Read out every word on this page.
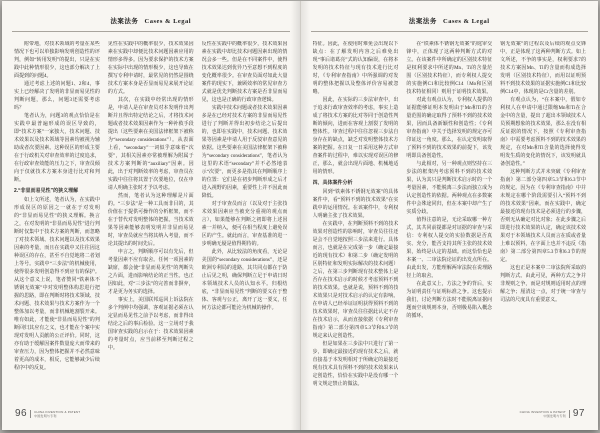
法案法务 Cases & Legal
附带地，对技术领域的考量在某些情况下也可以单独影响发明创造性的评判，例如“转用发明”的提出，只是在实践中此种情形很少，这也部分解决了上面提到的问题4。
通过考虑上述的问题1、2和4，事实上已经解决了发明的非显而易见性的判断问题，那么，问题3还需要考虑吗？
笔者认为，问题3的观点恰恰是在实践中最普遍形成的误区导致的，即“技术方案”一家独大，技术问题、技术效果以及技术领域等因素均被视为辅助或者次要因素。这种误区的形成主要在于行政机关对审查效率的过度追求，在行政审查效能的压力之下，审查员倾向于仅就技术方案本身进行比对和判断。
2.“非显而易见性”的狭义理解
如上文所述，笔者认为，在实践中形成误区的原因之一就在于对发明的“非显而易见性”的狭义理解。换言之，在对发明的“非显而易见性”进行判断时仅集中于技术方案的判断，而忽略了对技术领域、技术问题以及技术效果因素的考量，而且在实践中又往往因这种误区的存在，甚至不自觉地将二者划上等号。实践中“三步法”的机械使用，使得很多发明创造得不到应有的保护。从这个意义上说，笔者赞同“铁素体不锈钢无效案”中对发明整体构思进行把握的思路，即在判断时将技术领域、技术问题、技术效果与技术方案作为一个整体加以考量，而非机械地割裂开来。唯有如此，才能使“非显而易见性”的判断回归其应有之义，也才能在个案中实现对发明人贡献的公正评价。同时，这亦有助于缓解因案件数量庞大而带来的审查压力，因为整体把握并不必然意味着更高的成本，相反，它能够减少后续程序中的反复。
见性在实践中的概率很少，技术效果因素在实践中却便比技术问题因素应用的情形多得多。因为要求保护的技术方案在实际中出现的情形极少，这也导致在撰写专利申请时，最常见的仍然是围绕技术方案本身是否显而易见来展开论证的方式。
其次，在实践中经常出现的情形是，申请人是在审查员对本发明作出判断并且得出特定结论之后，才将技术问题或者技术效果因素作为一种补救手段提出（这些要素在美国法律框架下被称为“secondary considerations”）。从表面上看，“secondary”一词似乎意味着“次要”，其相关因素亦常被理解为附属于技术方案判断的“auxiliary”因素。因此，出于对判断效率的考虑，审查员在实践中往往将其置于次要地位，仅在申请人明确主张时才予以考虑。
然而，笔者认为这种理解是片面的。“三步法”是一种工具而非目的，其价值在于提供可操作的分析框架，而不在于替代对发明整体的把握。当技术效果等因素能够表明发明并非显而易见时，审查员就应当将其纳入考量，而不论其提出的时间先后。
申言之，判断顺序可以有先后，但考量因素不应有取舍。任何一项因素的缺席，都会使“非显而易见性”的判断失之片面，进而影响结论的正当性。也正因如此，对“三步法”的完善而非摒弃，才是更为务实的选择。
事实上，美国联邦巡回上诉法院在多个判例中均强调，客观证据必须在认定显而易见性之前予以考虑，而非得出结论之后的事后检验。这一立场对于我国审查实践的启示在于：技术效果因素的考量时点，应当前移至判断过程之中。
反性在实践中的概率很少，技术效果因素在实践中却比技术问题因素出现的情况会多一些。但是在不同案件中，使得技术效果达到优异乃至意想不到程度的变化概率很少。在审查员面对如此大量案件的现实下，兼顾效率的常见审查方式就是优先判断技术方案是否非显而易见，这也是正确的行政审查逻辑。
实践中技术问题或者技术效果因素多是在已经对技术方案的非显而易见性进行了判断并得出初步结论之后提出的，也即在实践中，技术问题、技术效果等因素是申请人用于反驳审查意见的依据。这些要素在美国法律框架下被称为“secondary considerations”，笔者认为这里的术语“secondary”并不必然地表示“次要”，而更多是指其在判断顺序上的位置：它们是在初步判断形成之后才进入视野的因素，重要性上并不因此而降低。
对于审查员而言（以及对于主张技术效果因素应当被充分重视的观点而言），如果能够在判断之初即将上述因素一并纳入，便可在相当程度上避免误区的产生。就此而言，审查基准的进一步明确无疑是值得期待的。
此外，从比较法的角度看，无论是美国的“secondary considerations”，还是欧洲专利局的进路，其共同点都在于防止后见之明，确保判断立足于申请日时本领域技术人员的认知水平。归根结底，“非显而易见性”判断的要义在于整体、客观与公正，离开了这一要义，任何方法论都可能沦为机械的操作。
96 CHINA INVENTION & PATENT
中国发明与专利
法案法务 Cases & Legal
特征。因此，在使用时难免会出现以下缺点：在了解发明内容之后难免出现“事后诸葛亮”式的认知偏误，在将本发明的技术特征与现有技术进行比对时，《专利审查指南》中所强调的对发明的整体把握以及整体评价容易被忽略。
因此，在实际的三步法审查中，出于追求行政审查效率的考虑，事实上造成了将技术方案的比对等同于创造性判断的倾向，进而在客观上割裂了发明的整体性。审查过程中往往忽视三步法自身存在的缺点，缺乏对发明整体技术方案的把握。在日复一日采用这种方式审查案件的过程中，难以实现对误区的修正，那么，就会出现片面地、机械地适用的情形。
四、具体案件分析
回到“铁素体不锈钢无效案”的具体案件中，看“预料不到的技术效果”在实践中的运用情况。在该案件中，专利权人明确主张了技术效果。
在实践中，在判断预料不到的技术效果对创造性的影响时，审查员往往还是会不自觉地按照三步法来进行。具体而言，也就是在完成第一步（确定最接近的现有技术）和第二步（确定发明的区别特征和发明实际解决的技术问题）之后，在第三步判断现有技术整体上是否存在技术启示的时候才考虑预料不到的技术效果。也就是说，预料不到的技术效果只是对技术启示的认定有影响。在申请人已经举证证明获得预料不到的技术效果时，审查员往往据此认定不存在技术启示，从而直接依据《专利审查指南》第二部分第四章5.3节和6.3节的规定来认定创造性。
但是如果在三步法中只进行了第一步，即确定最接近的现有技术之后，就直接基于本发明相对于所确定的最接近现有技术具有预料不到的技术效果来认定创造性，恰恰在实践中是没有哪一个明文规定禁止的做法。
在“铁素体不锈钢无效案”的庭审交锋中，正体现了这两种判断方式的对立。在该案件中所确定的区别技术特征是权利要求中所述的Mn、Ti的含量范围（区别技术特征），而专利权人提交的实施例C1和比较例C14（Mo和区别技术特征相同）则用于证明技术效果。
对此有观点认为，专利权人提供的证据能够证明本发明由于Mn和Ti的含量范围的确定取得了预料不到的技术效果，因而具备新颖性和创造性；《专利审查指南》中关于选择发明的规定亦可印证这一角度。那么，在认定发明取得了预料不到的技术效果的前提下，该发明即具备创造性。
与此相对，另一种观点则坚持在三步法的框架内考虑预料不到的技术效果，认为其只是判断技术启示时的一个考量因素，不能脱离三步法而独立成为认定创造性的依据。两种观点在多数案件中会殊途同归，但在本案中却产生了实质分歧。
值得注意的是，无论采取哪一种方式，其共同前提都是对证据的审查与采信：专利权人提交的实验数据是否真实、充分，能否支持其所主张的技术效果，始终是认定的基础。而这恰恰也是本案一、二审法院论证的出发点所在。由此出发，方能理解两审法院在说理路径上的取舍。
在此意义上，方法之争的背后，实为证明责任与证明标准之争。这也提示我们，讨论判断方法时不能脱离证据问题而空谈规则本身，否则极易陷入概念的循环。
钢无效案”的过程以及后续的观点交锋中，正是体现了这两种判断方式。如上文所述，不争的事实是，权利要求7的技术方案因Mn、Ti的含量而构成选择发明（区别技术特征），而用以证明预料不到技术效果的证据实施例C1和比较例C14中，体现的是Cr含量的差别。
有观点认为，“在本案中，假如专利权人在申请中通过限缩Mn和Ti在合金中的含量，提出了超出本领域技术人员预期想象的技术效果，那么在没有相反证据的情况下，按照《专利审查指南》中需要考虑预料不到的技术效果的规定，在对Mn和Ti含量的选择使得发明发生质的变化的情况下，该发明就具备创造性。”
这种判断方式并未突破《专利审查指南》第二部分第四章5.3节和6.3节中的规定。因为在《专利审查指南》中并未规定在哪个阶段需要引入“预料不到的技术效果”因素。而在实践中，确定最接近的现有技术是必须进行的步骤，否则无从确定对比对象；在此步骤之后即进行技术效果的认定，确定该技术效果对于本领域技术人员而言在质或者量上难以预料，在字面上也并不违反《指南》第二部分第四章5.3节和6.3节的规定。
这也正是本案中二审法院所采取的判断方式。由此可见，两种方式之争并非规则之争，而是对规则适用时点的理解之争；厘清这一点，对于统一审查与司法的尺度具有重要意义。
CHINA INVENTION & PATENT
中国发明与专利 97
